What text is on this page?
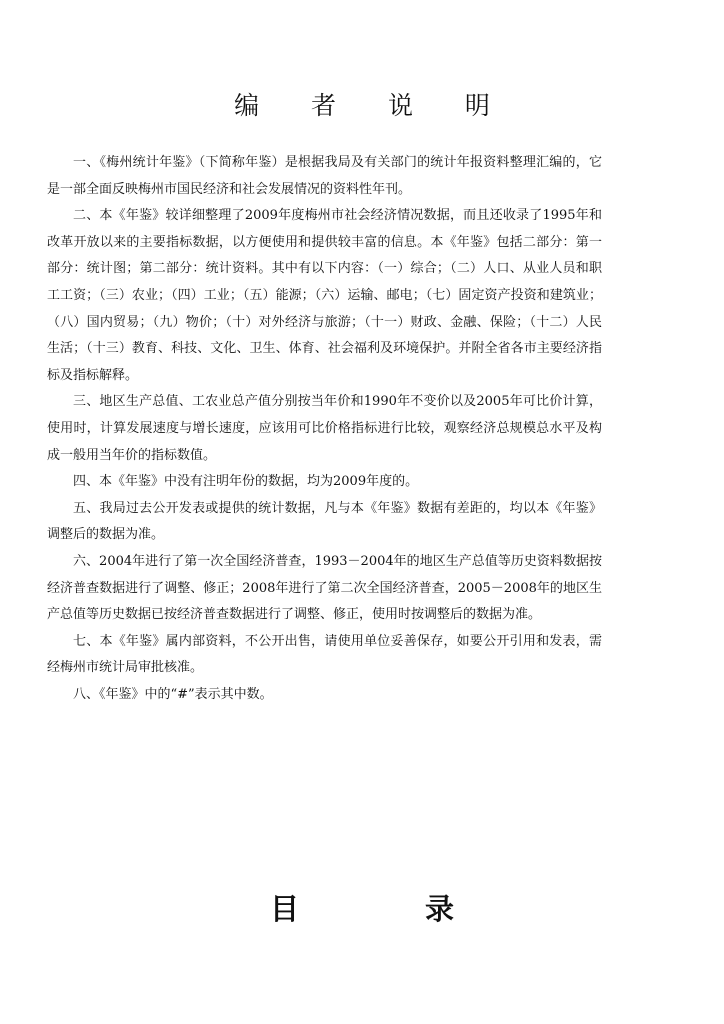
编 者 说 明

一、《梅州统计年鉴》（下简称年鉴）是根据我局及有关部门的统计年报资料整理汇编的，它是一部全面反映梅州市国民经济和社会发展情况的资料性年刊。

二、本《年鉴》较详细整理了2009年度梅州市社会经济情况数据，而且还收录了1995年和改革开放以来的主要指标数据，以方便使用和提供较丰富的信息。本《年鉴》包括二部分：第一部分：统计图；第二部分：统计资料。其中有以下内容：（一）综合；（二）人口、从业人员和职工工资；（三）农业；（四）工业；（五）能源；（六）运输、邮电；（七）固定资产投资和建筑业；（八）国内贸易；（九）物价；（十）对外经济与旅游；（十一）财政、金融、保险；（十二）人民生活；（十三）教育、科技、文化、卫生、体育、社会福利及环境保护。并附全省各市主要经济指标及指标解释。

三、地区生产总值、工农业总产值分别按当年价和1990年不变价以及2005年可比价计算，使用时，计算发展速度与增长速度，应该用可比价格指标进行比较，观察经济总规模总水平及构成一般用当年价的指标数值。

四、本《年鉴》中没有注明年份的数据，均为2009年度的。

五、我局过去公开发表或提供的统计数据，凡与本《年鉴》数据有差距的，均以本《年鉴》调整后的数据为准。

六、2004年进行了第一次全国经济普查，1993－2004年的地区生产总值等历史资料数据按经济普查数据进行了调整、修正；2008年进行了第二次全国经济普查，2005－2008年的地区生产总值等历史数据已按经济普查数据进行了调整、修正，使用时按调整后的数据为准。

七、本《年鉴》属内部资料，不公开出售，请使用单位妥善保存，如要公开引用和发表，需经梅州市统计局审批核准。

八、《年鉴》中的“#”表示其中数。

目 录
